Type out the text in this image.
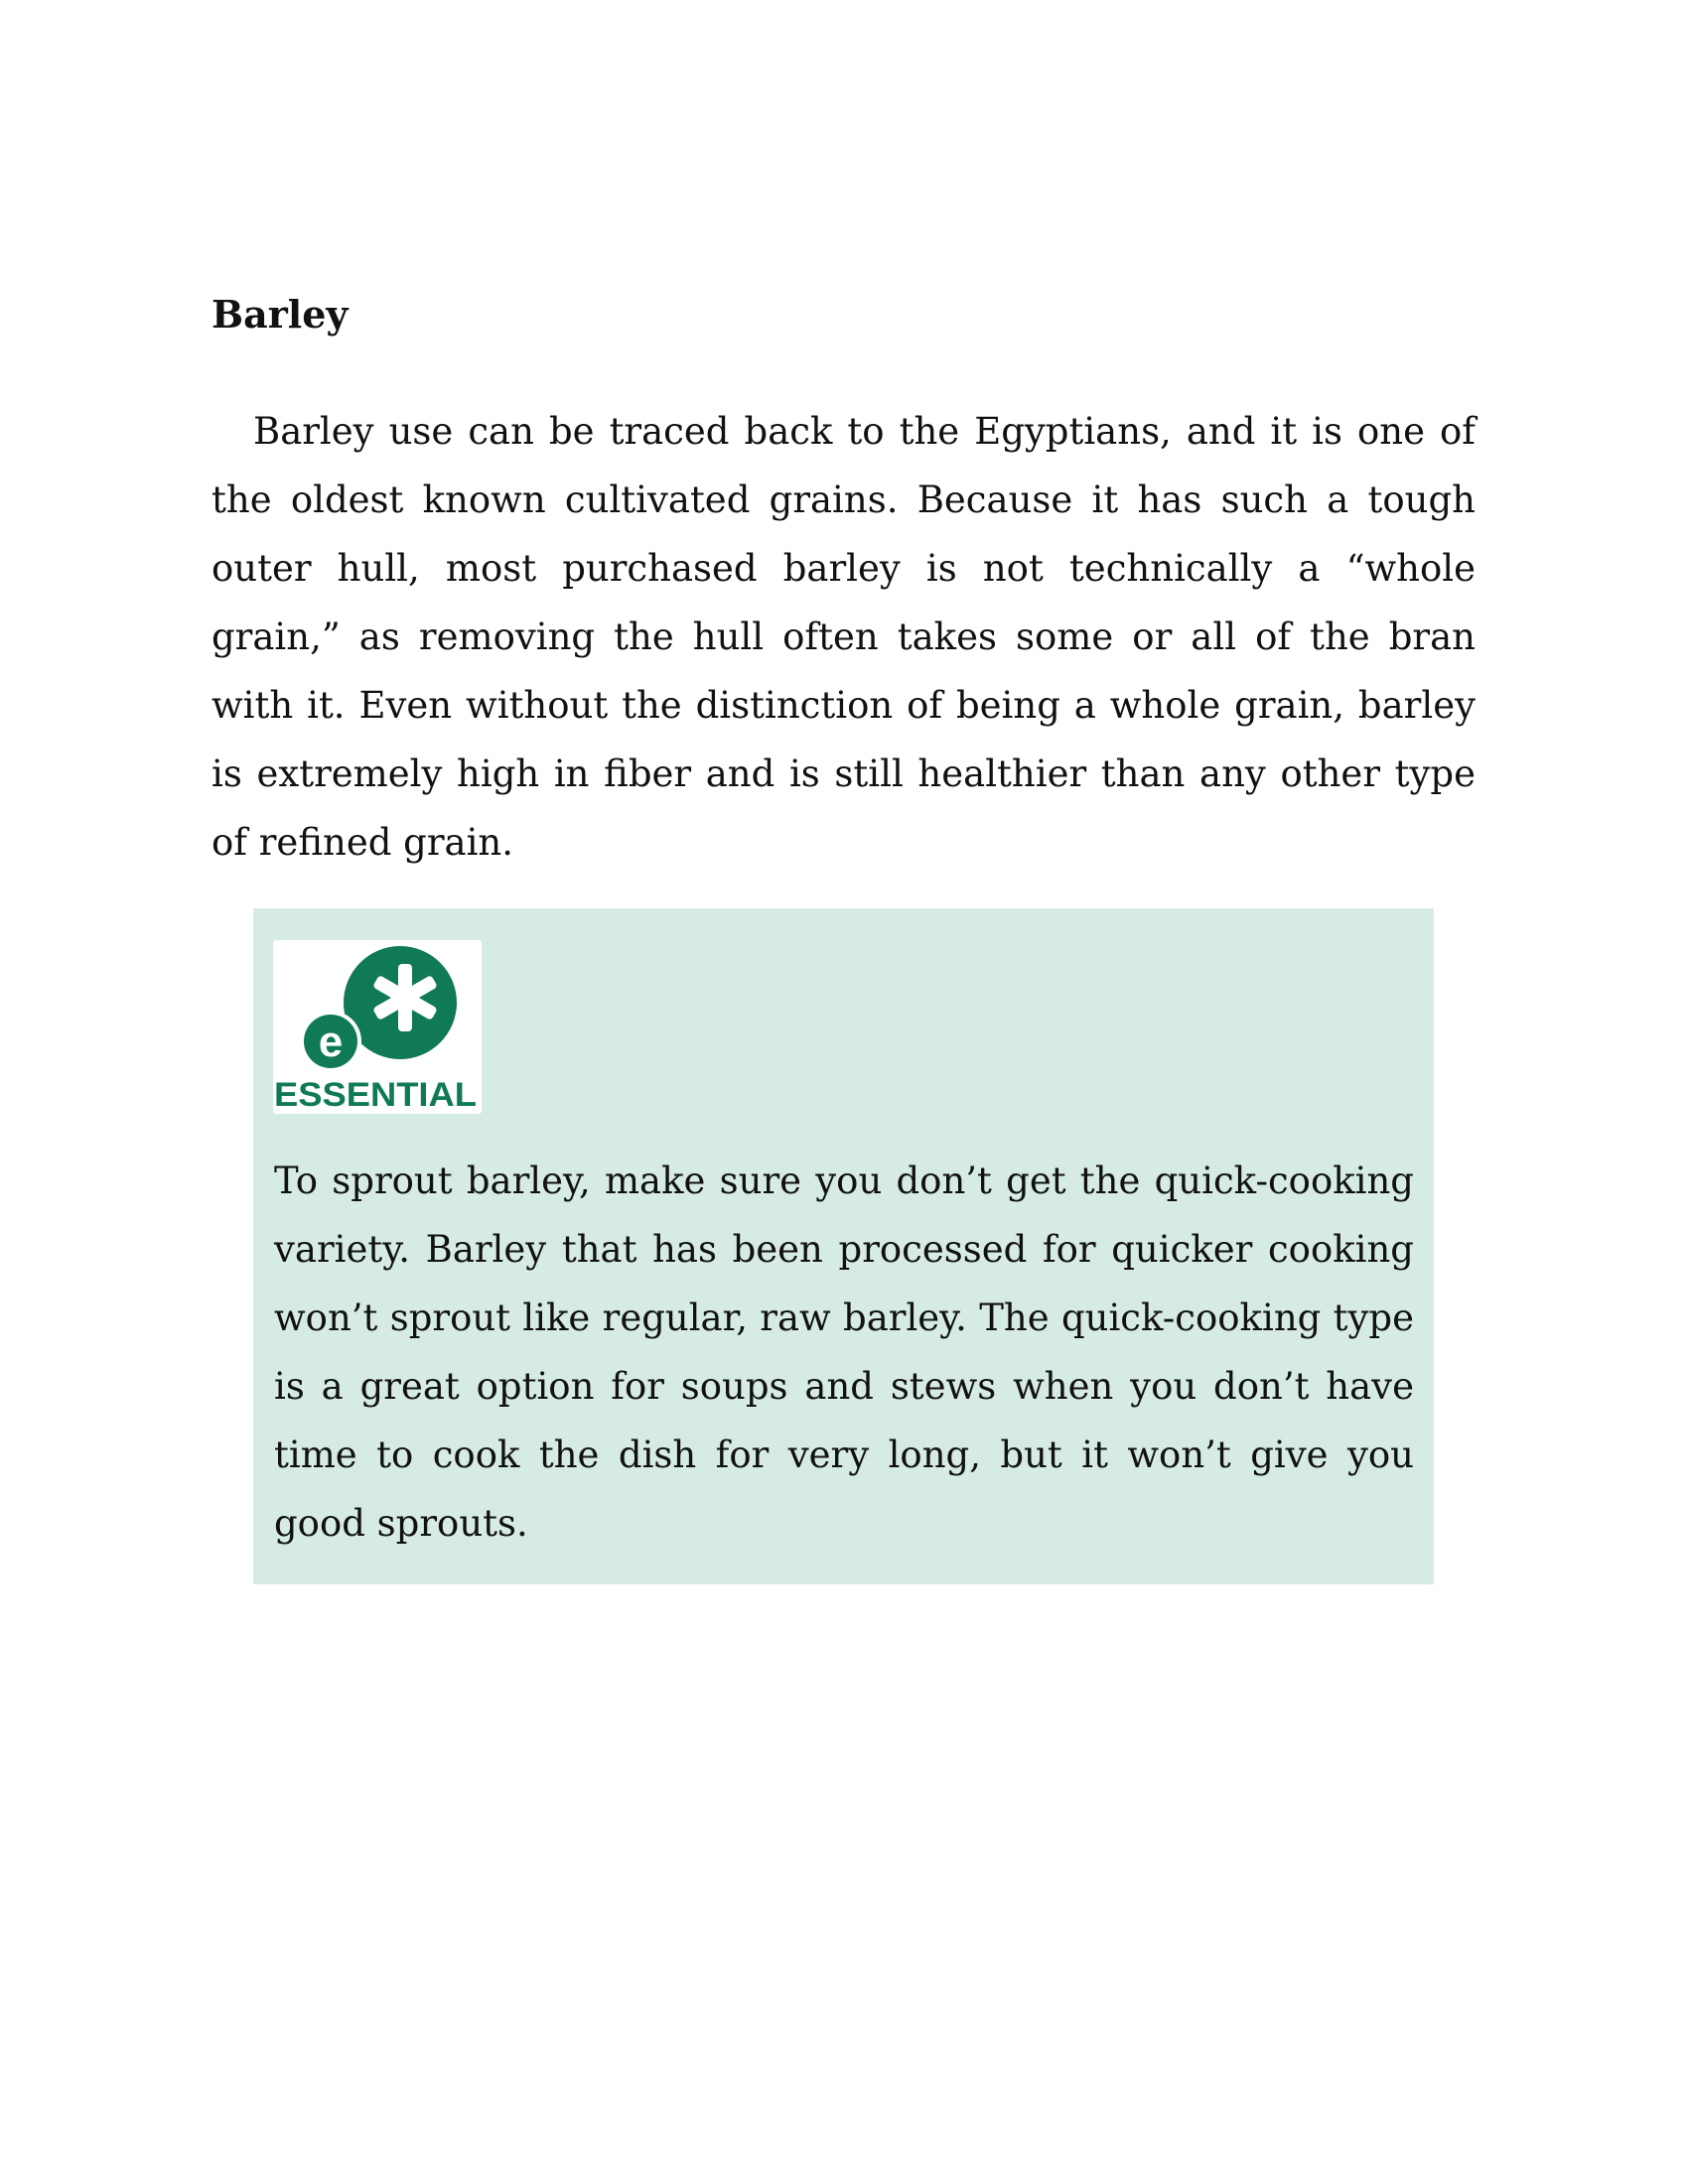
Barley

Barley use can be traced back to the Egyptians, and it is one of the oldest known cultivated grains. Because it has such a tough outer hull, most purchased barley is not technically a “whole grain,” as removing the hull often takes some or all of the bran with it. Even without the distinction of being a whole grain, barley is extremely high in fiber and is still healthier than any other type of refined grain.

e
ESSENTIAL

To sprout barley, make sure you don’t get the quick-cooking variety. Barley that has been processed for quicker cooking won’t sprout like regular, raw barley. The quick-cooking type is a great option for soups and stews when you don’t have time to cook the dish for very long, but it won’t give you good sprouts.
